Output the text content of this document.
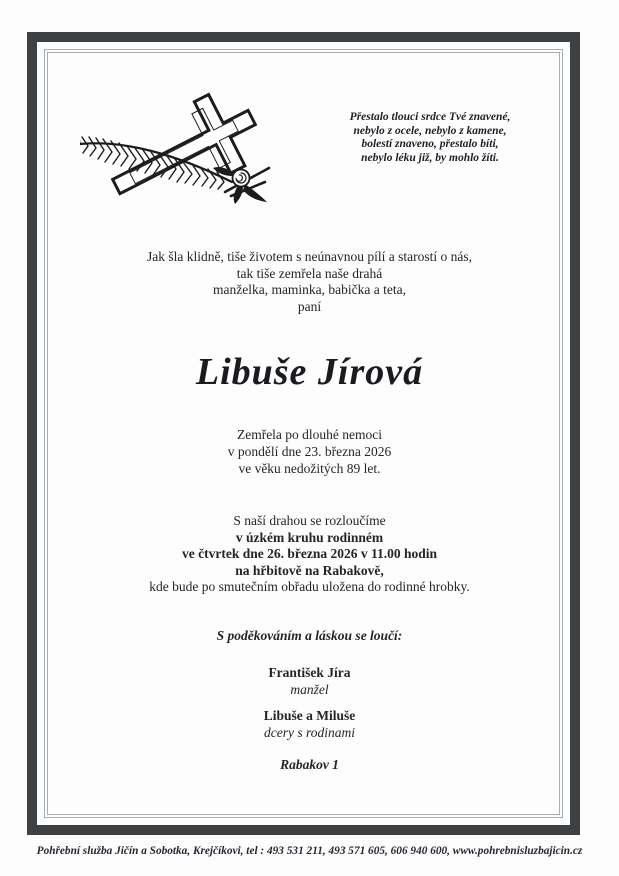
Přestalo tlouci srdce Tvé znavené,
nebylo z ocele, nebylo z kamene,
bolestí znaveno, přestalo bíti,
nebylo léku již, by mohlo žíti.
Jak šla klidně, tiše životem s neúnavnou pílí a starostí o nás,
tak tiše zemřela naše drahá
manželka, maminka, babička a teta,
paní
Libuše Jírová
Zemřela po dlouhé nemoci
v pondělí dne 23. března 2026
ve věku nedožitých 89 let.
S naší drahou se rozloučíme
v úzkém kruhu rodinném
ve čtvrtek dne 26. března 2026 v 11.00 hodin
na hřbitově na Rabakově,
kde bude po smutečním obřadu uložena do rodinné hrobky.
S poděkováním a láskou se loučí:
František Jíra
manžel
Libuše a Miluše
dcery s rodinami
Rabakov 1
Pohřební služba Jičín a Sobotka, Krejčíkovi, tel : 493 531 211, 493 571 605, 606 940 600, www.pohrebnisluzbajicin.cz
